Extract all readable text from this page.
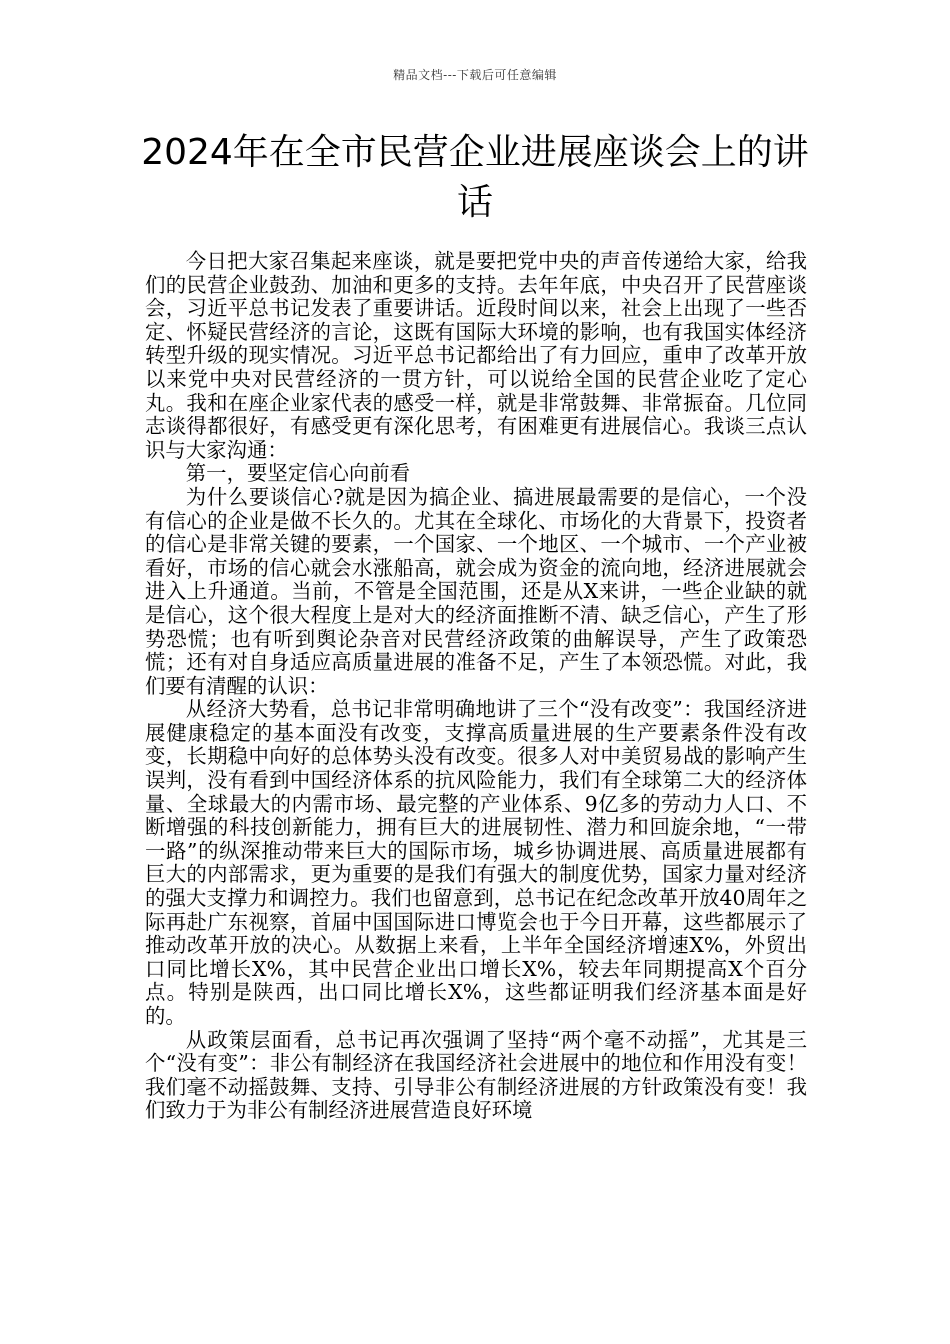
精品文档---下载后可任意编辑
2024年在全市民营企业进展座谈会上的讲话

今日把大家召集起来座谈，就是要把党中央的声音传递给大家，给我们的民营企业鼓劲、加油和更多的支持。去年年底，中央召开了民营座谈会，习近平总书记发表了重要讲话。近段时间以来，社会上出现了一些否定、怀疑民营经济的言论，这既有国际大环境的影响，也有我国实体经济转型升级的现实情况。习近平总书记都给出了有力回应，重申了改革开放以来党中央对民营经济的一贯方针，可以说给全国的民营企业吃了定心丸。我和在座企业家代表的感受一样，就是非常鼓舞、非常振奋。几位同志谈得都很好，有感受更有深化思考，有困难更有进展信心。我谈三点认识与大家沟通：

第一，要坚定信心向前看

为什么要谈信心?就是因为搞企业、搞进展最需要的是信心，一个没有信心的企业是做不长久的。尤其在全球化、市场化的大背景下，投资者的信心是非常关键的要素，一个国家、一个地区、一个城市、一个产业被看好，市场的信心就会水涨船高，就会成为资金的流向地，经济进展就会进入上升通道。当前，不管是全国范围，还是从X来讲，一些企业缺的就是信心，这个很大程度上是对大的经济面推断不清、缺乏信心，产生了形势恐慌；也有听到舆论杂音对民营经济政策的曲解误导，产生了政策恐慌；还有对自身适应高质量进展的准备不足，产生了本领恐慌。对此，我们要有清醒的认识：

从经济大势看，总书记非常明确地讲了三个“没有改变”：我国经济进展健康稳定的基本面没有改变，支撑高质量进展的生产要素条件没有改变，长期稳中向好的总体势头没有改变。很多人对中美贸易战的影响产生误判，没有看到中国经济体系的抗风险能力，我们有全球第二大的经济体量、全球最大的内需市场、最完整的产业体系、9亿多的劳动力人口、不断增强的科技创新能力，拥有巨大的进展韧性、潜力和回旋余地，“一带一路”的纵深推动带来巨大的国际市场，城乡协调进展、高质量进展都有巨大的内部需求，更为重要的是我们有强大的制度优势，国家力量对经济的强大支撑力和调控力。我们也留意到，总书记在纪念改革开放40周年之际再赴广东视察，首届中国国际进口博览会也于今日开幕，这些都展示了推动改革开放的决心。从数据上来看，上半年全国经济增速X%，外贸出口同比增长X%，其中民营企业出口增长X%，较去年同期提高X个百分点。特别是陕西，出口同比增长X%，这些都证明我们经济基本面是好的。

从政策层面看，总书记再次强调了坚持“两个毫不动摇”，尤其是三个“没有变”：非公有制经济在我国经济社会进展中的地位和作用没有变！我们毫不动摇鼓舞、支持、引导非公有制经济进展的方针政策没有变！我们致力于为非公有制经济进展营造良好环境
